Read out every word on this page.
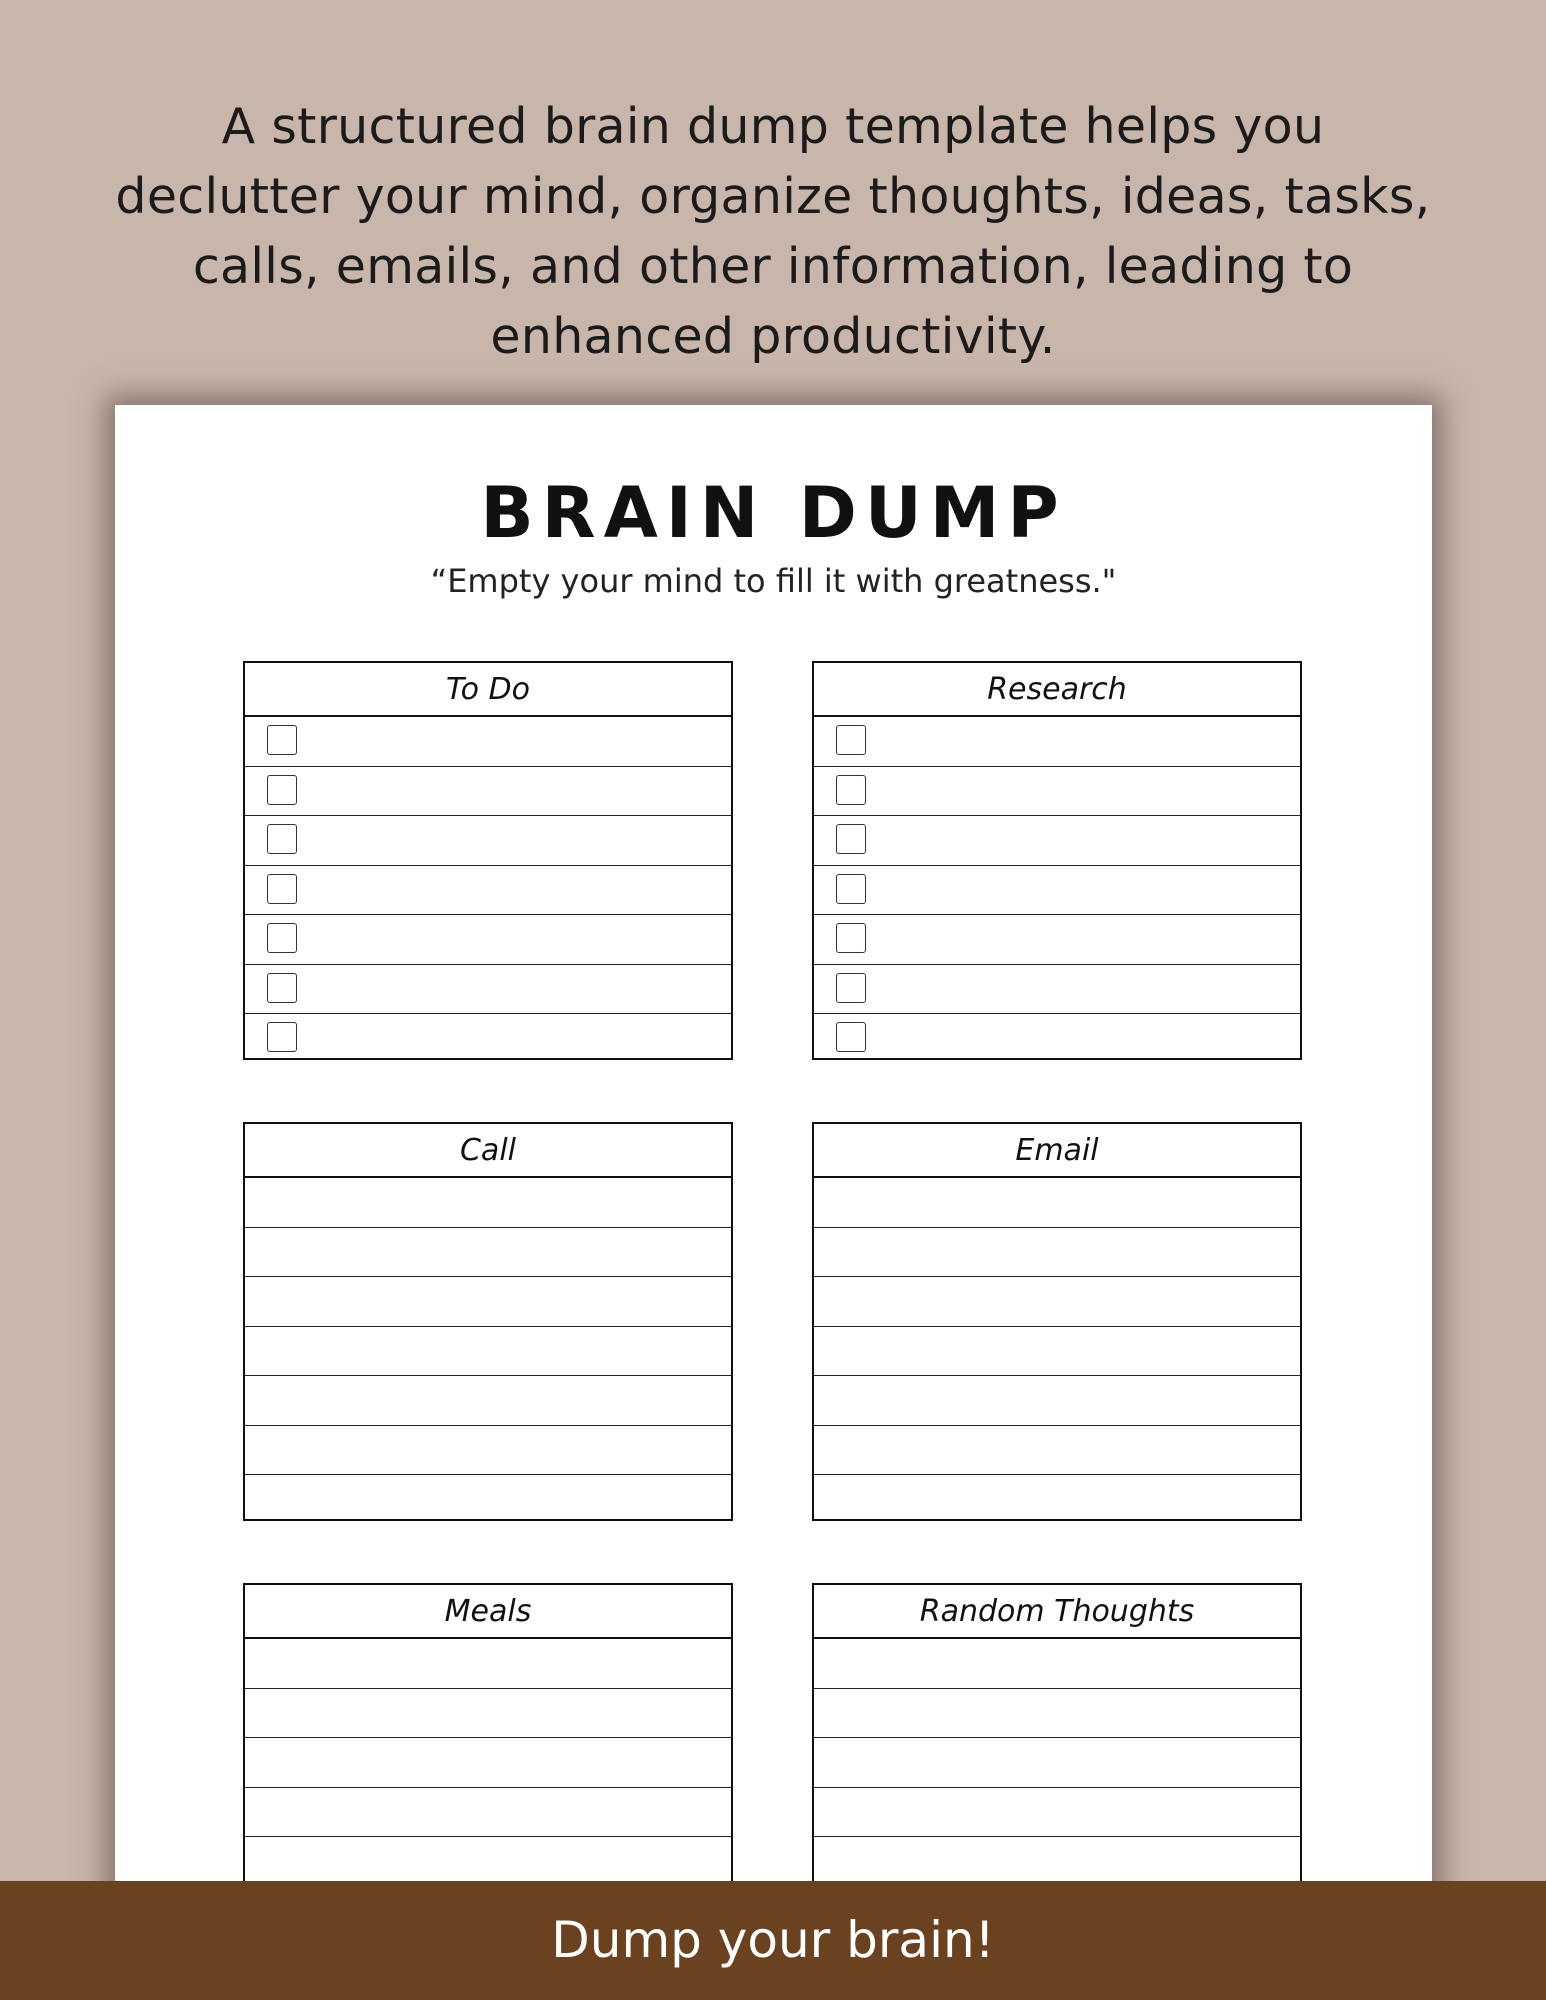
A structured brain dump template helps you
declutter your mind, organize thoughts, ideas, tasks,
calls, emails, and other information, leading to
enhanced productivity.
BRAIN DUMP
“Empty your mind to fill it with greatness."
To Do	Research
Call	Email
Meals	Random Thoughts
Dump your brain!
